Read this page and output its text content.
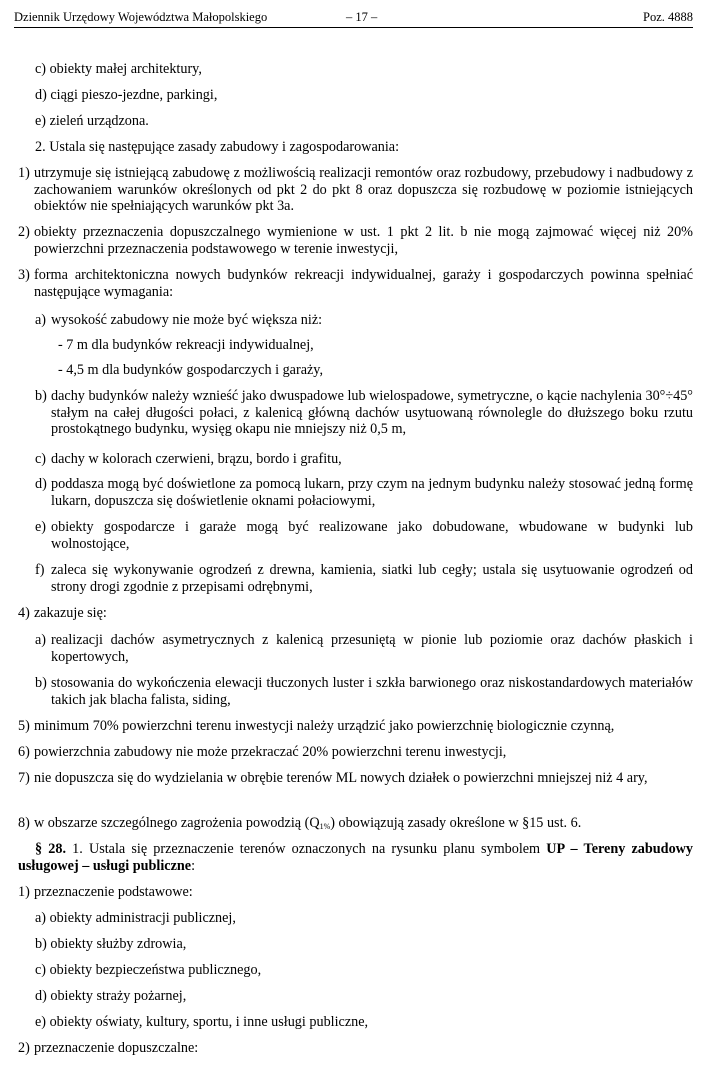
Dziennik Urzędowy Województwa Małopolskiego	– 17 –	Poz. 4888
c) obiekty małej architektury,
d) ciągi pieszo-jezdne, parkingi,
e) zieleń urządzona.
2. Ustala się następujące zasady zabudowy i zagospodarowania:
1) utrzymuje się istniejącą zabudowę z możliwością realizacji remontów oraz rozbudowy, przebudowy i nadbudowy z zachowaniem warunków określonych od pkt 2 do pkt 8 oraz dopuszcza się rozbudowę w poziomie istniejących obiektów nie spełniających warunków pkt 3a.
2) obiekty przeznaczenia dopuszczalnego wymienione w ust. 1 pkt 2 lit. b nie mogą zajmować więcej niż 20% powierzchni przeznaczenia podstawowego w terenie inwestycji,
3) forma architektoniczna nowych budynków rekreacji indywidualnej, garaży i gospodarczych powinna spełniać następujące wymagania:
a) wysokość zabudowy nie może być większa niż:
- 7 m dla budynków rekreacji indywidualnej,
- 4,5 m dla budynków gospodarczych i garaży,
b) dachy budynków należy wznieść jako dwuspadowe lub wielospadowe, symetryczne, o kącie nachylenia 30°÷45° stałym na całej długości połaci, z kalenicą główną dachów usytuowaną równolegle do dłuższego boku rzutu prostokątnego budynku, wysięg okapu nie mniejszy niż 0,5 m,
c) dachy w kolorach czerwieni, brązu, bordo i grafitu,
d) poddasza mogą być doświetlone za pomocą lukarn, przy czym na jednym budynku należy stosować jedną formę lukarn, dopuszcza się doświetlenie oknami połaciowymi,
e) obiekty gospodarcze i garaże mogą być realizowane jako dobudowane, wbudowane w budynki lub wolnostojące,
f) zaleca się wykonywanie ogrodzeń z drewna, kamienia, siatki lub cegły; ustala się usytuowanie ogrodzeń od strony drogi zgodnie z przepisami odrębnymi,
4) zakazuje się:
a) realizacji dachów asymetrycznych z kalenicą przesuniętą w pionie lub poziomie oraz dachów płaskich i kopertowych,
b) stosowania do wykończenia elewacji tłuczonych luster i szkła barwionego oraz niskostandardowych materiałów takich jak blacha falista, siding,
5) minimum 70% powierzchni terenu inwestycji należy urządzić jako powierzchnię biologicznie czynną,
6) powierzchnia zabudowy nie może przekraczać 20% powierzchni terenu inwestycji,
7) nie dopuszcza się do wydzielania w obrębie terenów ML nowych działek o powierzchni mniejszej niż 4 ary,
8) w obszarze szczególnego zagrożenia powodzią $(Q_{1\%})$ obowiązują zasady określone w §15 ust. 6.
§ 28. 1. Ustala się przeznaczenie terenów oznaczonych na rysunku planu symbolem UP – Tereny zabudowy usługowej – usługi publiczne:
1) przeznaczenie podstawowe:
a) obiekty administracji publicznej,
b) obiekty służby zdrowia,
c) obiekty bezpieczeństwa publicznego,
d) obiekty straży pożarnej,
e) obiekty oświaty, kultury, sportu, i inne usługi publiczne,
2) przeznaczenie dopuszczalne:
